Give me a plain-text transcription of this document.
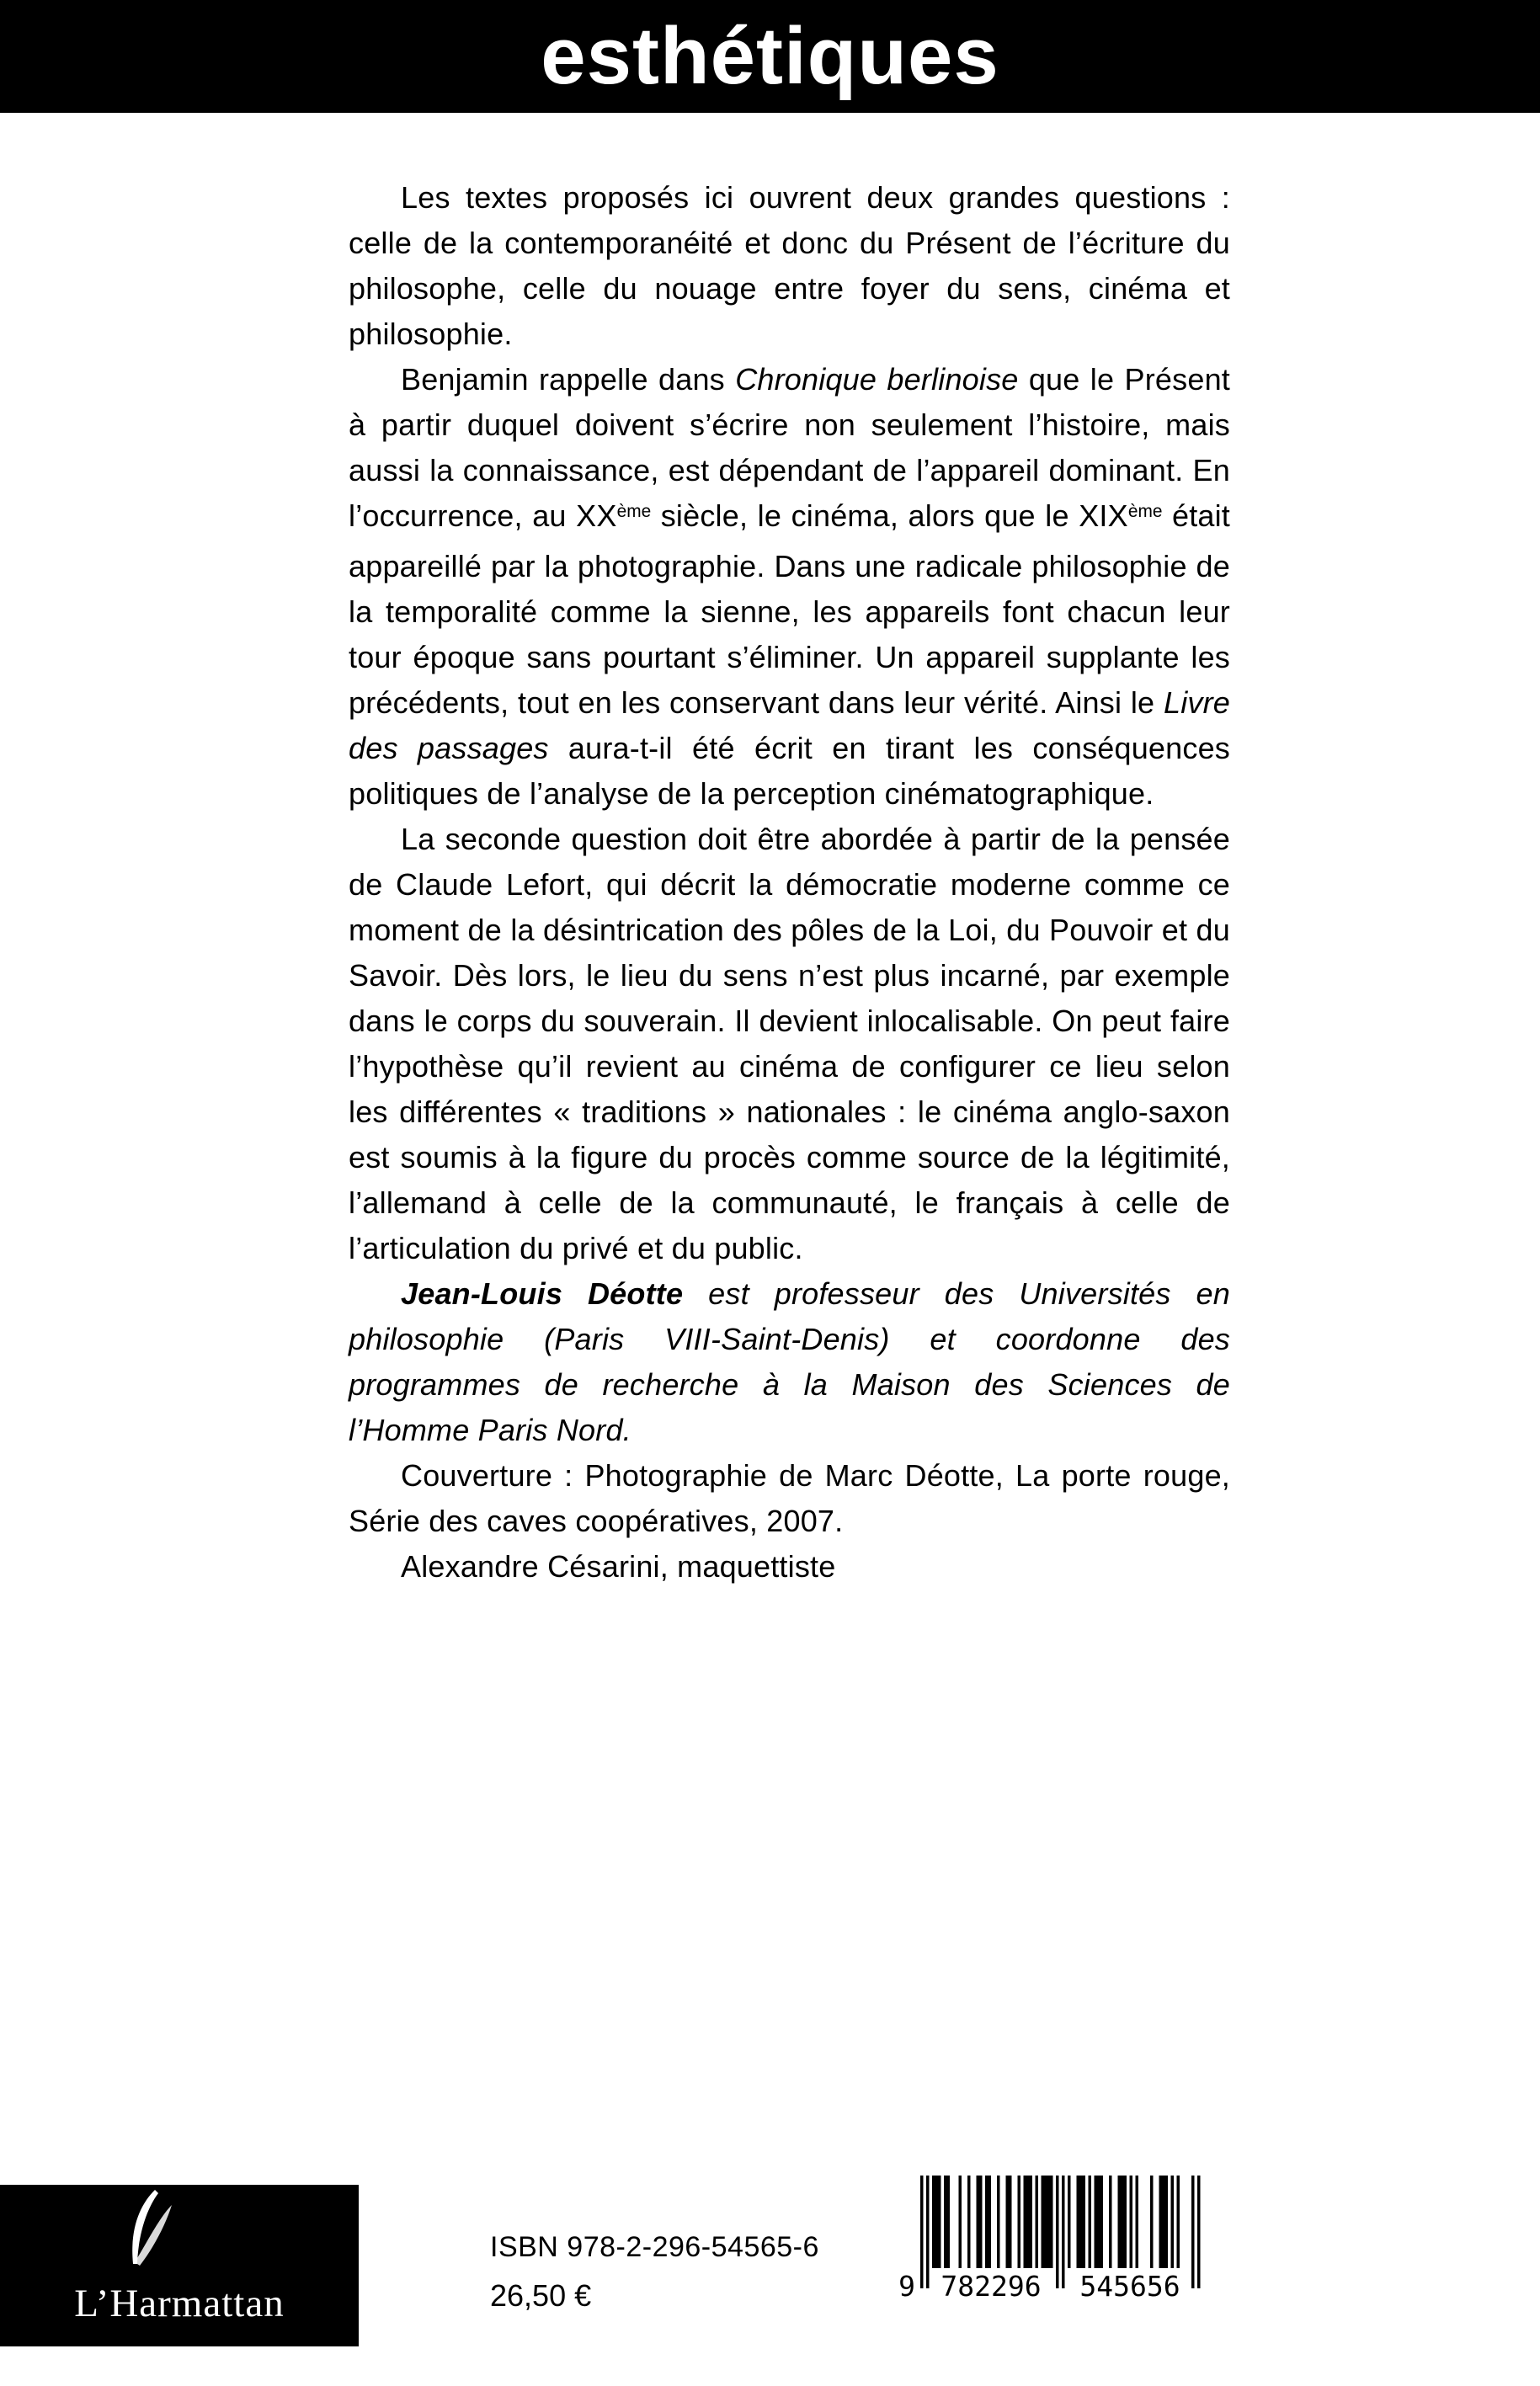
esthétiques

Les textes proposés ici ouvrent deux grandes questions : celle de la contemporanéité et donc du Présent de l’écriture du philosophe, celle du nouage entre foyer du sens, cinéma et philosophie.

Benjamin rappelle dans Chronique berlinoise que le Présent à partir duquel doivent s’écrire non seulement l’histoire, mais aussi la connaissance, est dépendant de l’appareil dominant. En l’occurrence, au XXème siècle, le cinéma, alors que le XIXème était appareillé par la photographie. Dans une radicale philosophie de la temporalité comme la sienne, les appareils font chacun leur tour époque sans pourtant s’éliminer. Un appareil supplante les précédents, tout en les conservant dans leur vérité. Ainsi le Livre des passages aura-t-il été écrit en tirant les conséquences politiques de l’analyse de la perception cinématographique.

La seconde question doit être abordée à partir de la pensée de Claude Lefort, qui décrit la démocratie moderne comme ce moment de la désintrication des pôles de la Loi, du Pouvoir et du Savoir. Dès lors, le lieu du sens n’est plus incarné, par exemple dans le corps du souverain. Il devient inlocalisable. On peut faire l’hypothèse qu’il revient au cinéma de configurer ce lieu selon les différentes « traditions » nationales : le cinéma anglo-saxon est soumis à la figure du procès comme source de la légitimité, l’allemand à celle de la communauté, le français à celle de l’articulation du privé et du public.

Jean-Louis Déotte est professeur des Universités en philosophie (Paris VIII-Saint-Denis) et coordonne des programmes de recherche à la Maison des Sciences de l’Homme Paris Nord.

Couverture : Photographie de Marc Déotte, La porte rouge, Série des caves coopératives, 2007.

Alexandre Césarini, maquettiste

L’Harmattan
ISBN 978-2-296-54565-6
26,50 €	9 782296	545656
